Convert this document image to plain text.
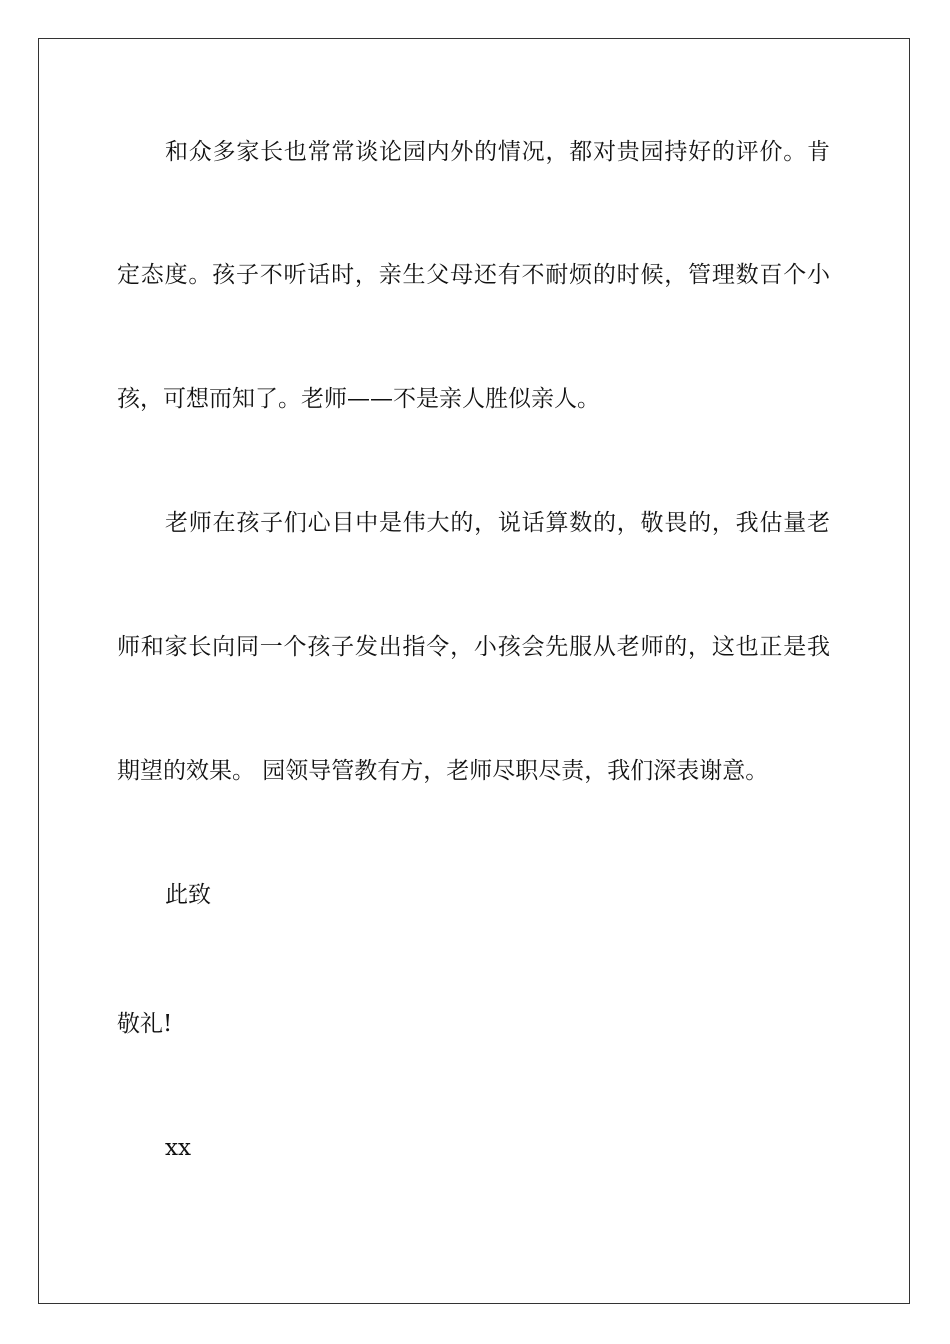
和众多家长也常常谈论园内外的情况，都对贵园持好的评价。肯

定态度。孩子不听话时，亲生父母还有不耐烦的时候，管理数百个小

孩，可想而知了。老师——不是亲人胜似亲人。

老师在孩子们心目中是伟大的，说话算数的，敬畏的，我估量老

师和家长向同一个孩子发出指令，小孩会先服从老师的，这也正是我

期望的效果。 园领导管教有方，老师尽职尽责，我们深表谢意。

此致

敬礼!

xx
